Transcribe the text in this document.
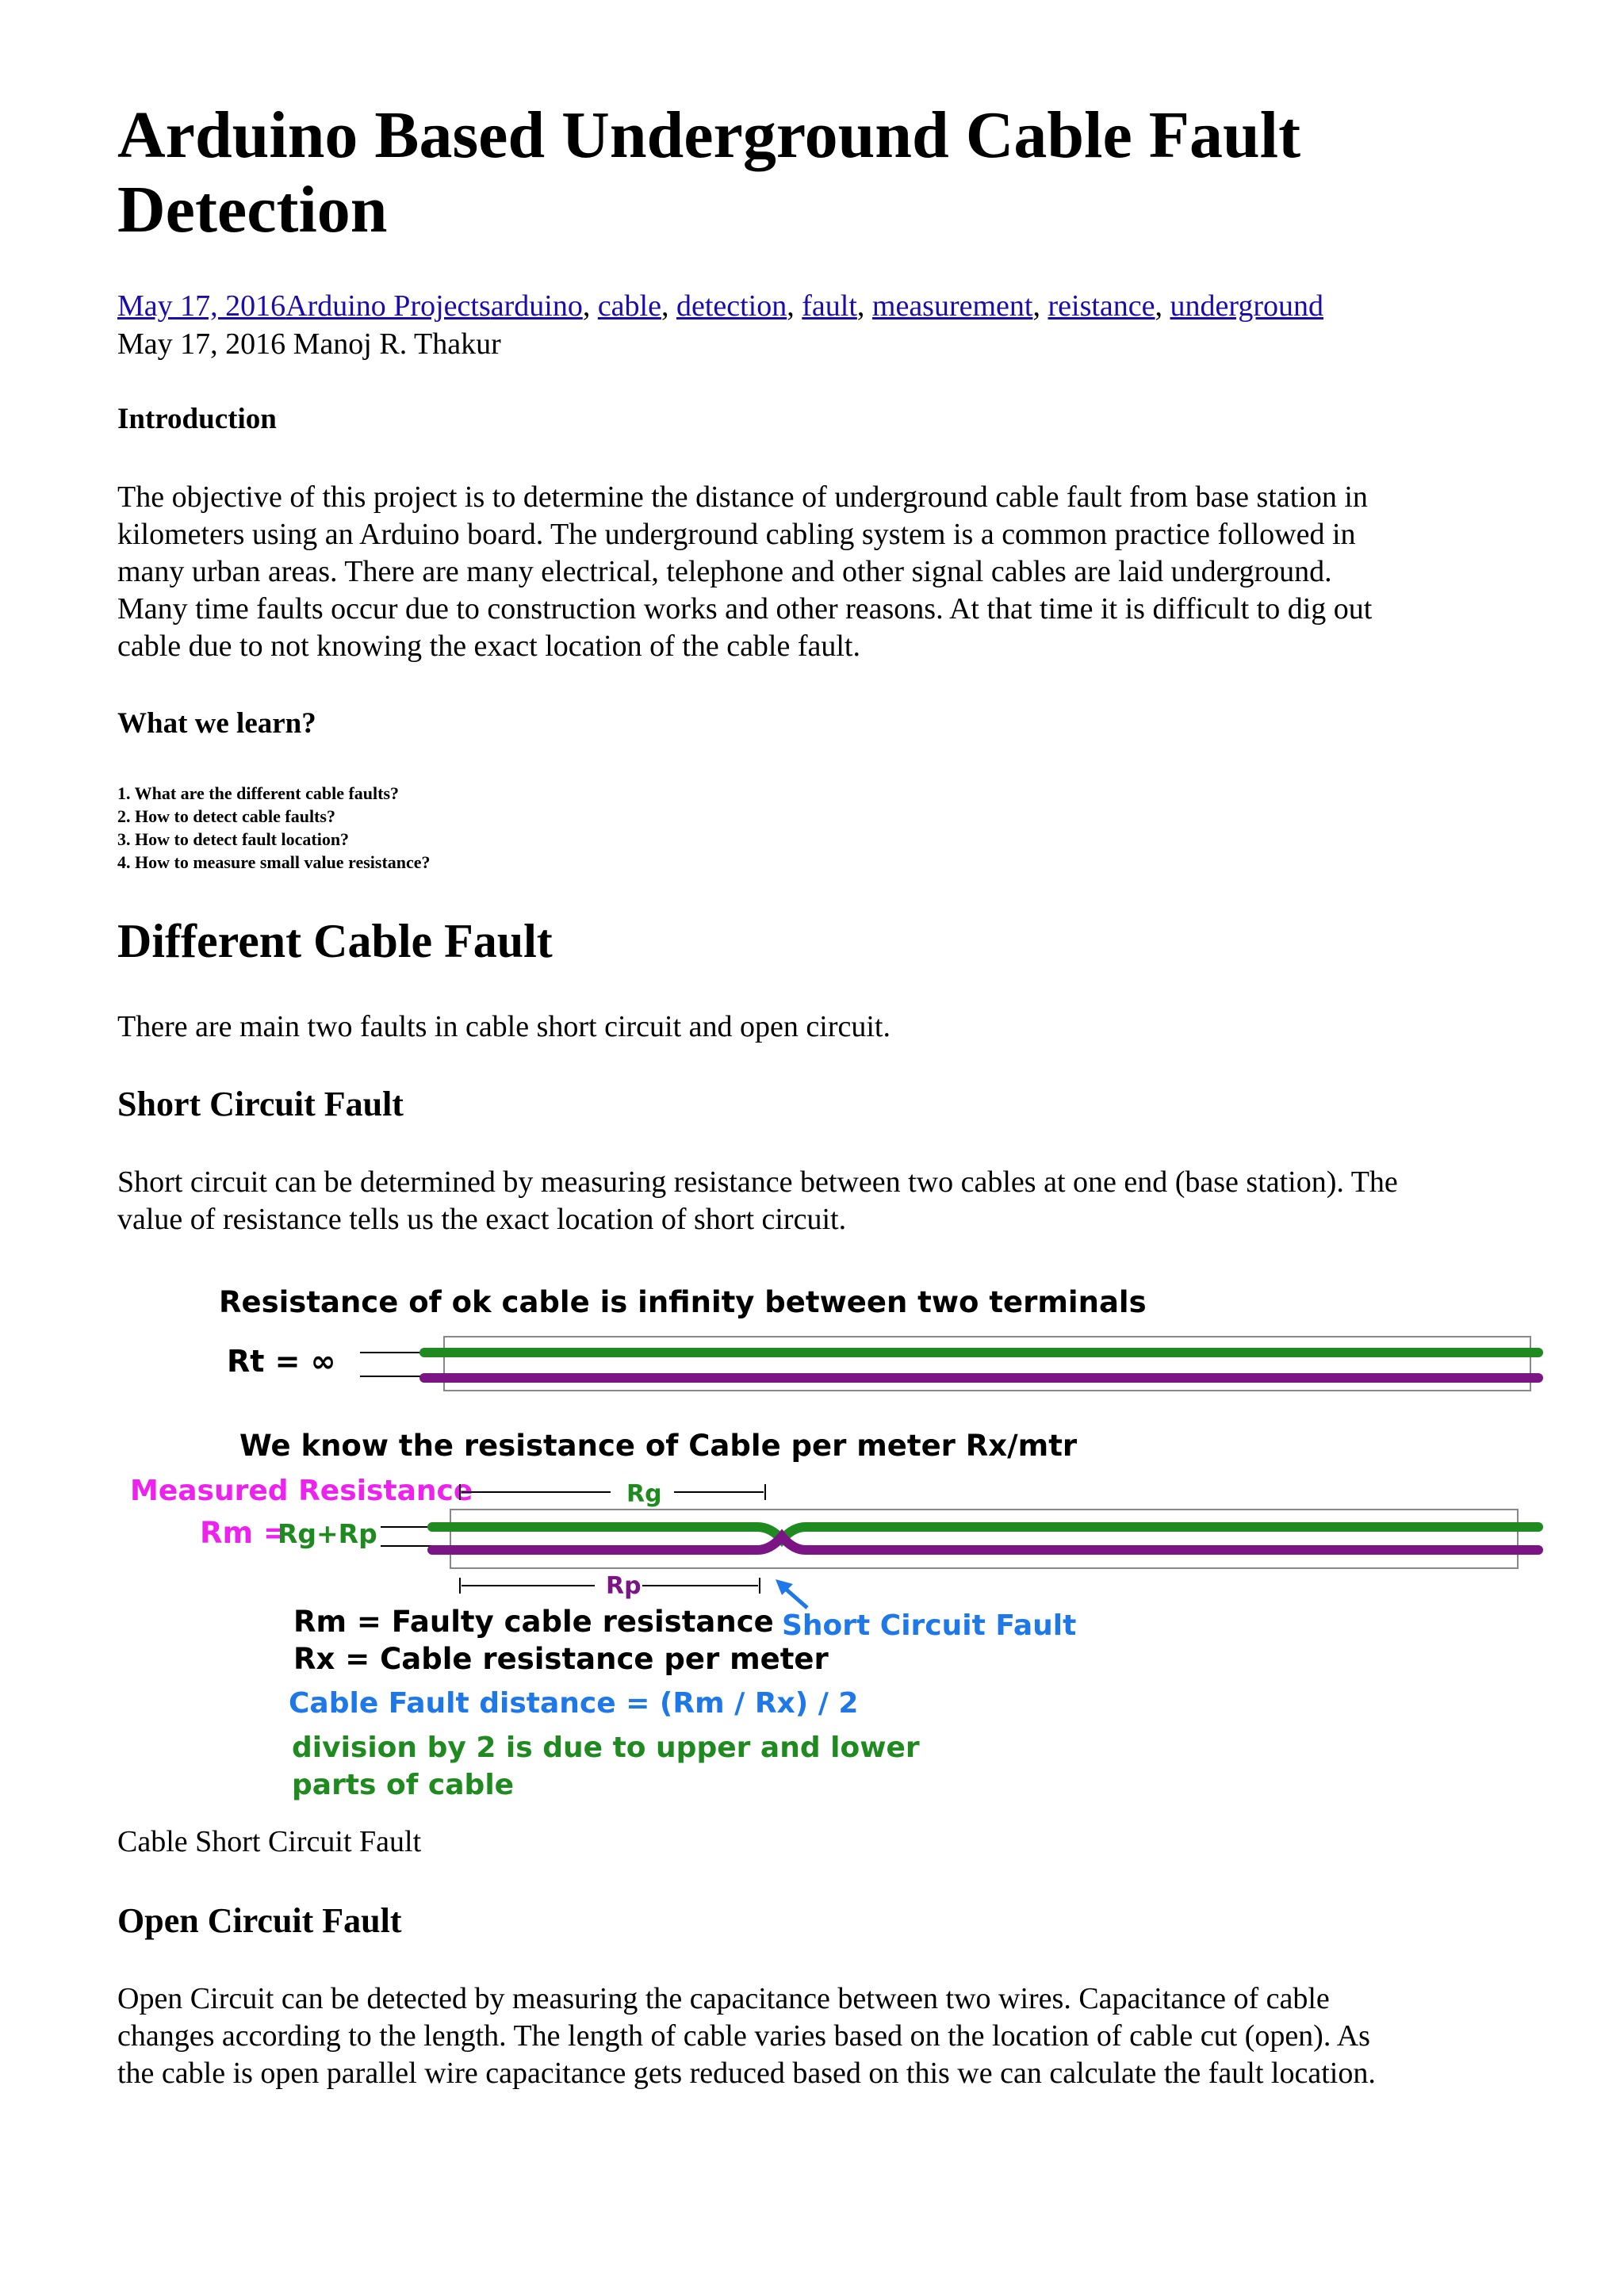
Arduino Based Underground Cable Fault Detection
May 17, 2016Arduino Projectsarduino, cable, detection, fault, measurement, reistance, underground
May 17, 2016 Manoj R. Thakur
Introduction
The objective of this project is to determine the distance of underground cable fault from base station in
kilometers using an Arduino board. The underground cabling system is a common practice followed in
many urban areas. There are many electrical, telephone and other signal cables are laid underground.
Many time faults occur due to construction works and other reasons. At that time it is difficult to dig out
cable due to not knowing the exact location of the cable fault.
What we learn?
1. What are the different cable faults?
2. How to detect cable faults?
3. How to detect fault location?
4. How to measure small value resistance?
Different Cable Fault
There are main two faults in cable short circuit and open circuit.
Short Circuit Fault
Short circuit can be determined by measuring resistance between two cables at one end (base station). The
value of resistance tells us the exact location of short circuit.
Resistance of ok cable is infinity between two terminals
Rt = ∞
We know the resistance of Cable per meter Rx/mtr
Measured Resistance	Rg
Rm =
Rg+Rp
Rp
Short Circuit Fault
Rm = Faulty cable resistance
Rx = Cable resistance per meter
Cable Fault distance = (Rm / Rx) / 2
division by 2 is due to upper and lower
parts of cable
Cable Short Circuit Fault
Open Circuit Fault
Open Circuit can be detected by measuring the capacitance between two wires. Capacitance of cable
changes according to the length. The length of cable varies based on the location of cable cut (open). As
the cable is open parallel wire capacitance gets reduced based on this we can calculate the fault location.
